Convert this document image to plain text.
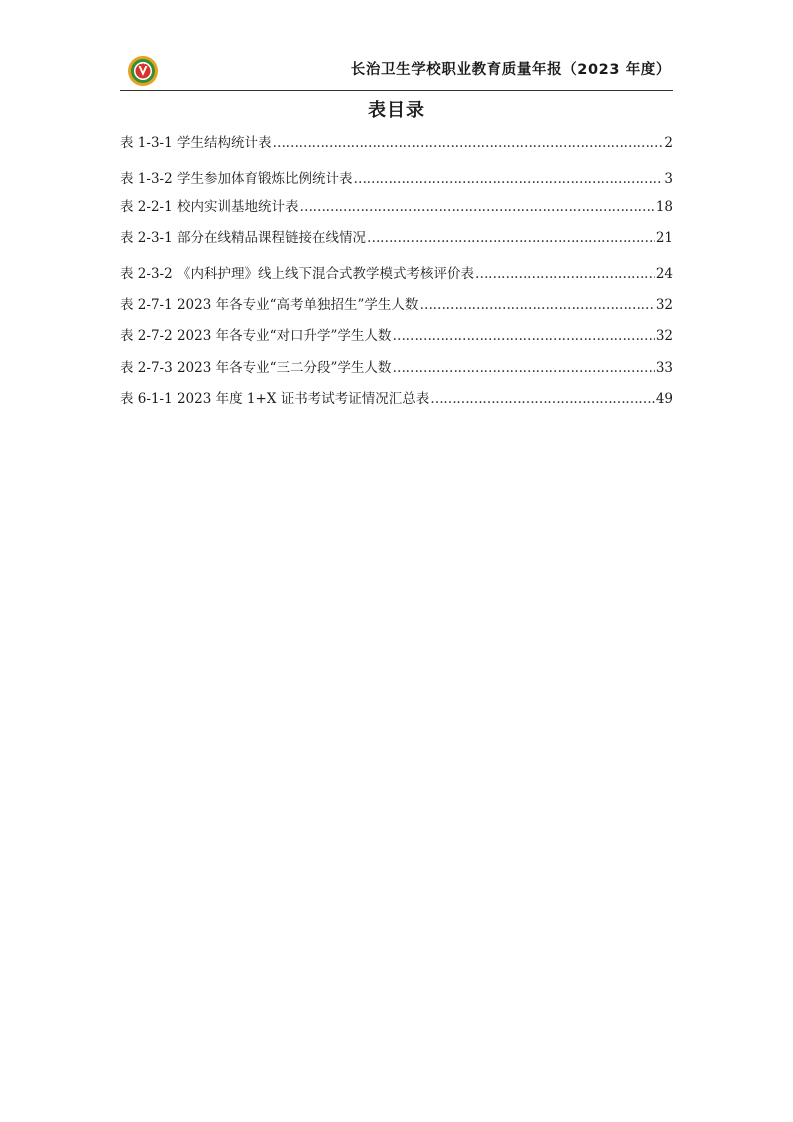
长治卫生学校职业教育质量年报（2023 年度）
表目录
表 1-3-1 学生结构统计表 ………………………………………………………………………………………………………………………………………………………………………………	2
表 1-3-2 学生参加体育锻炼比例统计表 ………………………………………………………………………………………………………………………………………………………………………………	3
表 2-2-1 校内实训基地统计表 ………………………………………………………………………………………………………………………………………………………………………………	18
表 2-3-1 部分在线精品课程链接在线情况 ………………………………………………………………………………………………………………………………………………………………………………	21
表 2-3-2 《内科护理》线上线下混合式教学模式考核评价表 ………………………………………………………………………………………………………………………………………………………………………………	24
表 2-7-1 2023 年各专业“高考单独招生”学生人数 ………………………………………………………………………………………………………………………………………………………………………………	32
表 2-7-2 2023 年各专业“对口升学”学生人数 ………………………………………………………………………………………………………………………………………………………………………………	32
表 2-7-3 2023 年各专业“三二分段”学生人数 ………………………………………………………………………………………………………………………………………………………………………………	33
表 6-1-1 2023 年度 1+X 证书考试考证情况汇总表 ………………………………………………………………………………………………………………………………………………………………………………	49
